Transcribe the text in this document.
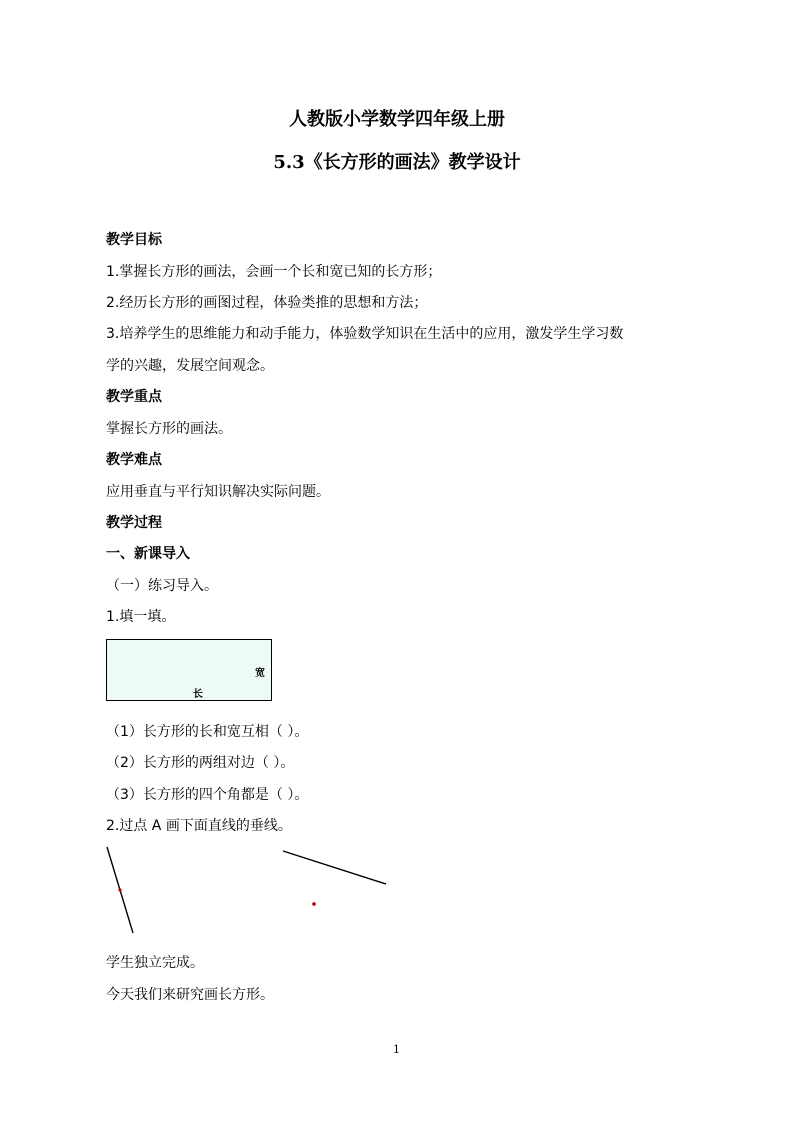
人教版小学数学四年级上册
5.3《长方形的画法》教学设计
教学目标
1.掌握长方形的画法，会画一个长和宽已知的长方形；
2.经历长方形的画图过程，体验类推的思想和方法；
3.培养学生的思维能力和动手能力，体验数学知识在生活中的应用，激发学生学习数
学的兴趣，发展空间观念。
教学重点
掌握长方形的画法。
教学难点
应用垂直与平行知识解决实际问题。
教学过程
一、新课导入
（一）练习导入。
1.填一填。
宽
长
（1）长方形的长和宽互相（ ）。
（2）长方形的两组对边（ ）。
（3）长方形的四个角都是（ ）。
2.过点 A 画下面直线的垂线。
学生独立完成。
今天我们来研究画长方形。
1
